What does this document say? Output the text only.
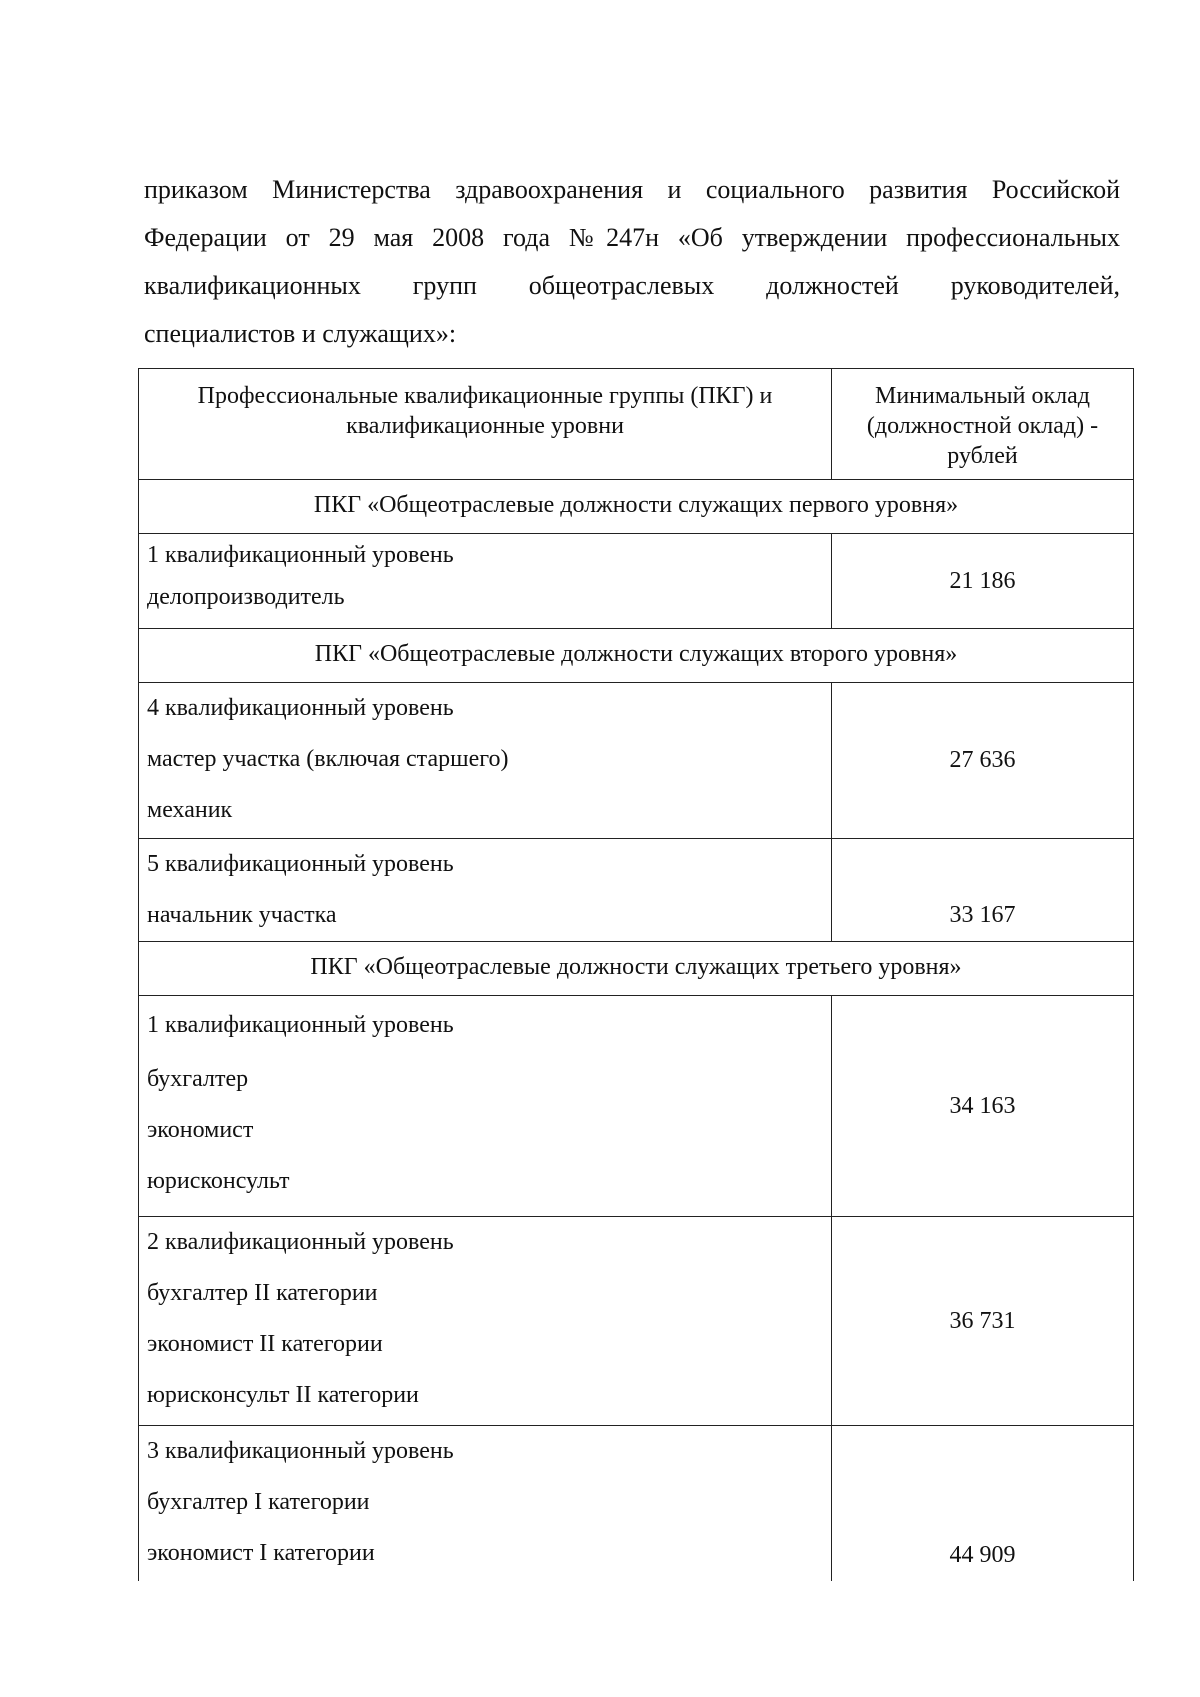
приказом Министерства здравоохранения и социального развития Российской
Федерации от 29 мая 2008 года №247н «Об утверждении профессиональных
квалификационных групп общеотраслевых должностей руководителей,
специалистов и служащих»:
Профессиональные квалификационные группы (ПКГ) и квалификационные уровни	Минимальный оклад (должностной оклад) - рублей
ПКГ «Общеотраслевые должности служащих первого уровня»	

1 квалификационный уровень
делопроизводитель	21 186
ПКГ «Общеотраслевые должности служащих второго уровня»	

4 квалификационный уровень
мастер участка (включая старшего)
механик	27 636

5 квалификационный уровень
начальник участка	33 167

ПКГ «Общеотраслевые должности служащих третьего уровня»	

1 квалификационный уровень
бухгалтер
экономист
юрисконсульт	34 163

2 квалификационный уровень
бухгалтер II категории
экономист II категории
юрисконсульт II категории	36 731

3 квалификационный уровень
бухгалтер I категории
экономист I категории	44 909
